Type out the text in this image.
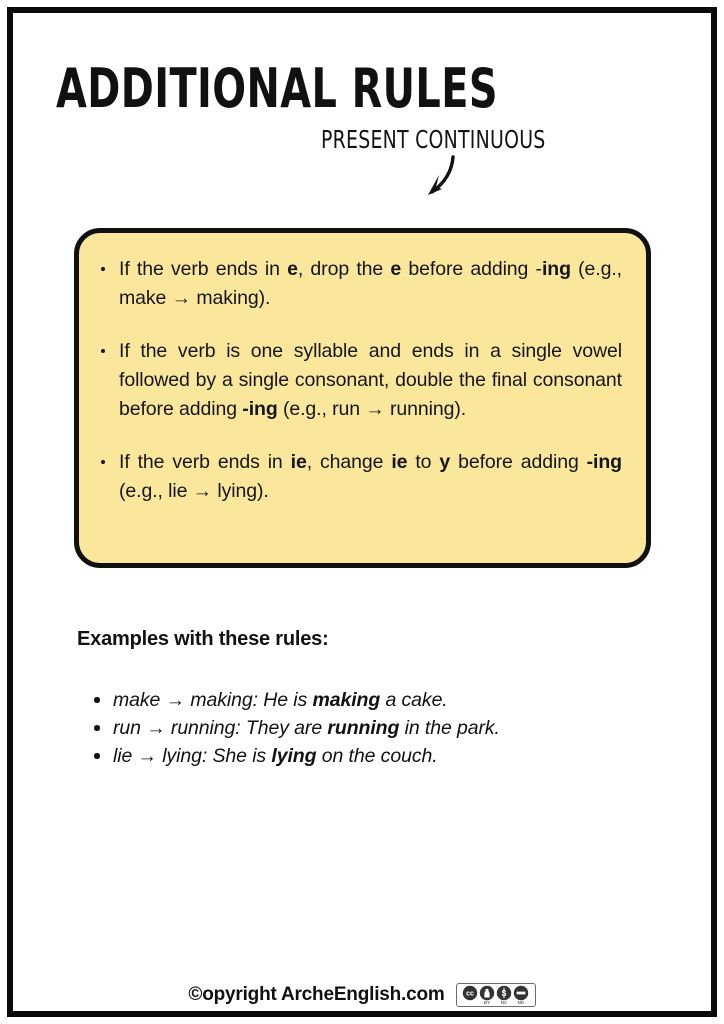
ADDITIONAL RULES
PRESENT CONTINUOUS
If the verb ends in e, drop the e before adding -ing (e.g., make → making).
If the verb is one syllable and ends in a single vowel followed by a single consonant, double the final consonant before adding -ing (e.g., run → running).
If the verb ends in ie, change ie to y before adding -ing (e.g., lie → lying).
Examples with these rules:
make → making: He is making a cake.
run → running: They are running in the park.
lie → lying: She is lying on the couch.
©opyright ArcheEnglish.com	cc	$
BY NC ND
